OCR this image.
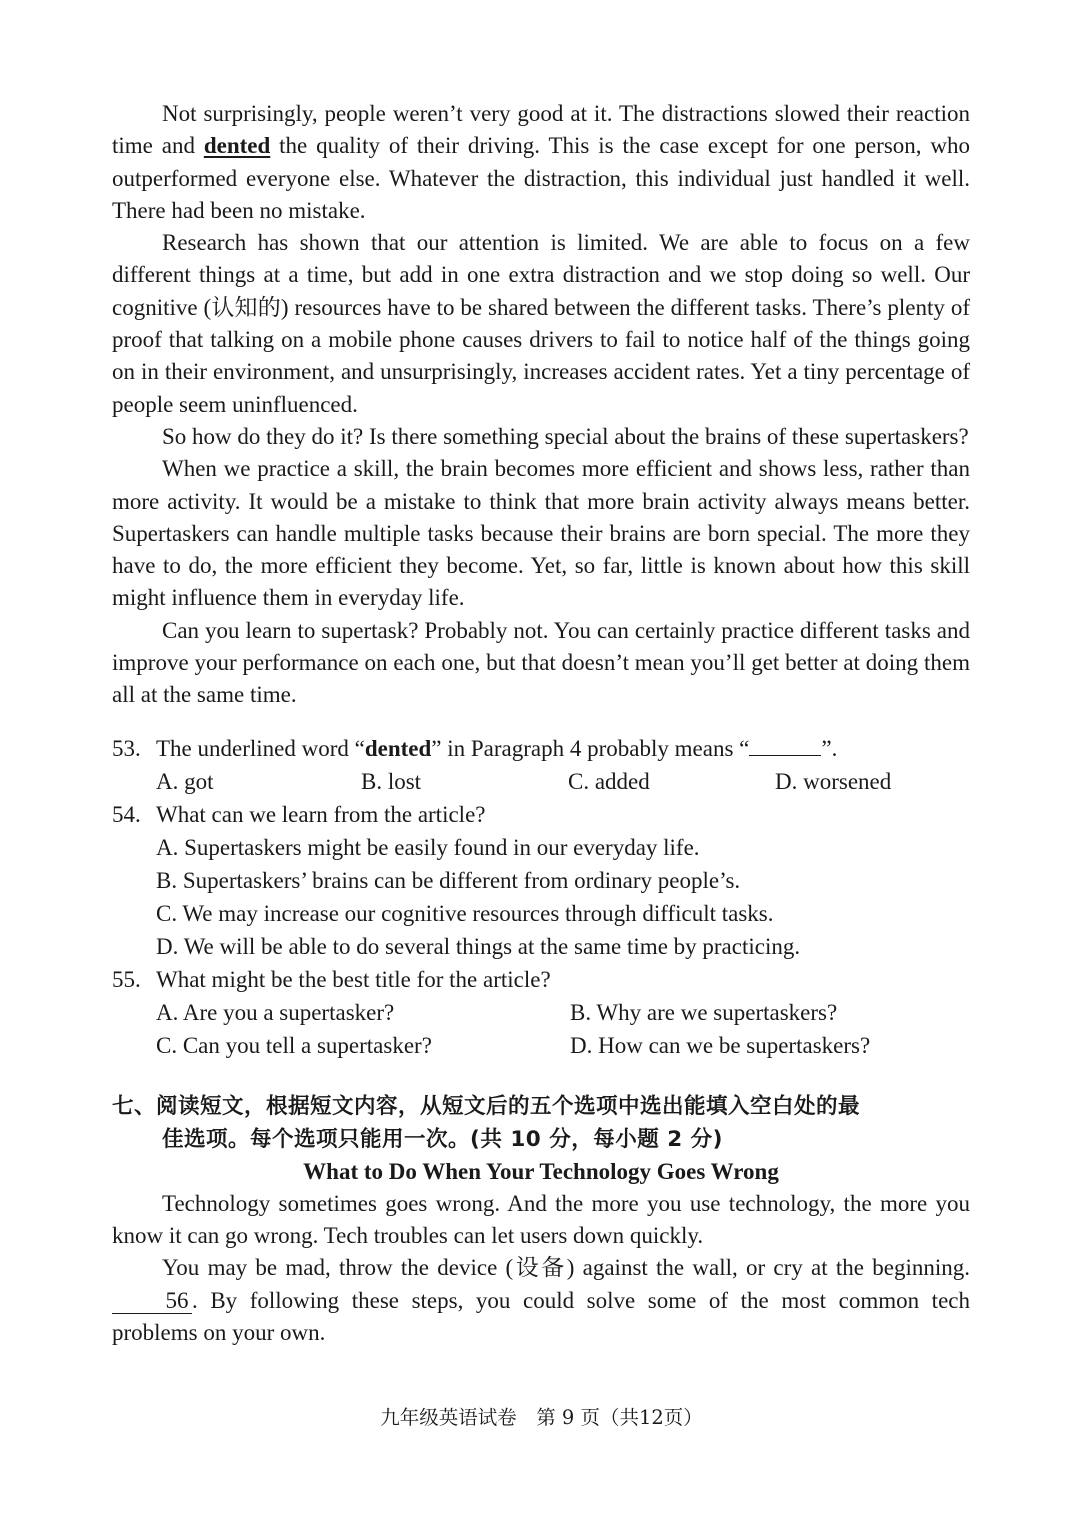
Not surprisingly, people weren’t very good at it. The distractions slowed their reaction time and dented the quality of their driving. This is the case except for one person, who outperformed everyone else. Whatever the distraction, this individual just handled it well. There had been no mistake.

Research has shown that our attention is limited. We are able to focus on a few different things at a time, but add in one extra distraction and we stop doing so well. Our cognitive (认知的) resources have to be shared between the different tasks. There’s plenty of proof that talking on a mobile phone causes drivers to fail to notice half of the things going on in their environment, and unsurprisingly, increases accident rates. Yet a tiny percentage of people seem uninfluenced.

So how do they do it? Is there something special about the brains of these supertaskers?

When we practice a skill, the brain becomes more efficient and shows less, rather than more activity. It would be a mistake to think that more brain activity always means better. Supertaskers can handle multiple tasks because their brains are born special. The more they have to do, the more efficient they become. Yet, so far, little is known about how this skill might influence them in everyday life.

Can you learn to supertask? Probably not. You can certainly practice different tasks and improve your performance on each one, but that doesn’t mean you’ll get better at doing them all at the same time.

53. The underlined word “dented” in Paragraph 4 probably means “	”.
A. got	B. lost	C. added	D. worsened
54. What can we learn from the article?
A. Supertaskers might be easily found in our everyday life.
B. Supertaskers’ brains can be different from ordinary people’s.
C. We may increase our cognitive resources through difficult tasks.
D. We will be able to do several things at the same time by practicing.
55. What might be the best title for the article?
A. Are you a supertasker?	B. Why are we supertaskers?
C. Can you tell a supertasker?	D. How can we be supertaskers?
七、阅读短文，根据短文内容，从短文后的五个选项中选出能填入空白处的最
佳选项。每个选项只能用一次。(共 10 分，每小题 2 分)
What to Do When Your Technology Goes Wrong

Technology sometimes goes wrong. And the more you use technology, the more you know it can go wrong. Tech troubles can let users down quickly.

You may be mad, throw the device (设备) against the wall, or cry at the beginning. 56 . By following these steps, you could solve some of the most common tech problems on your own.

九年级英语试卷　第 9 页（共12页）
